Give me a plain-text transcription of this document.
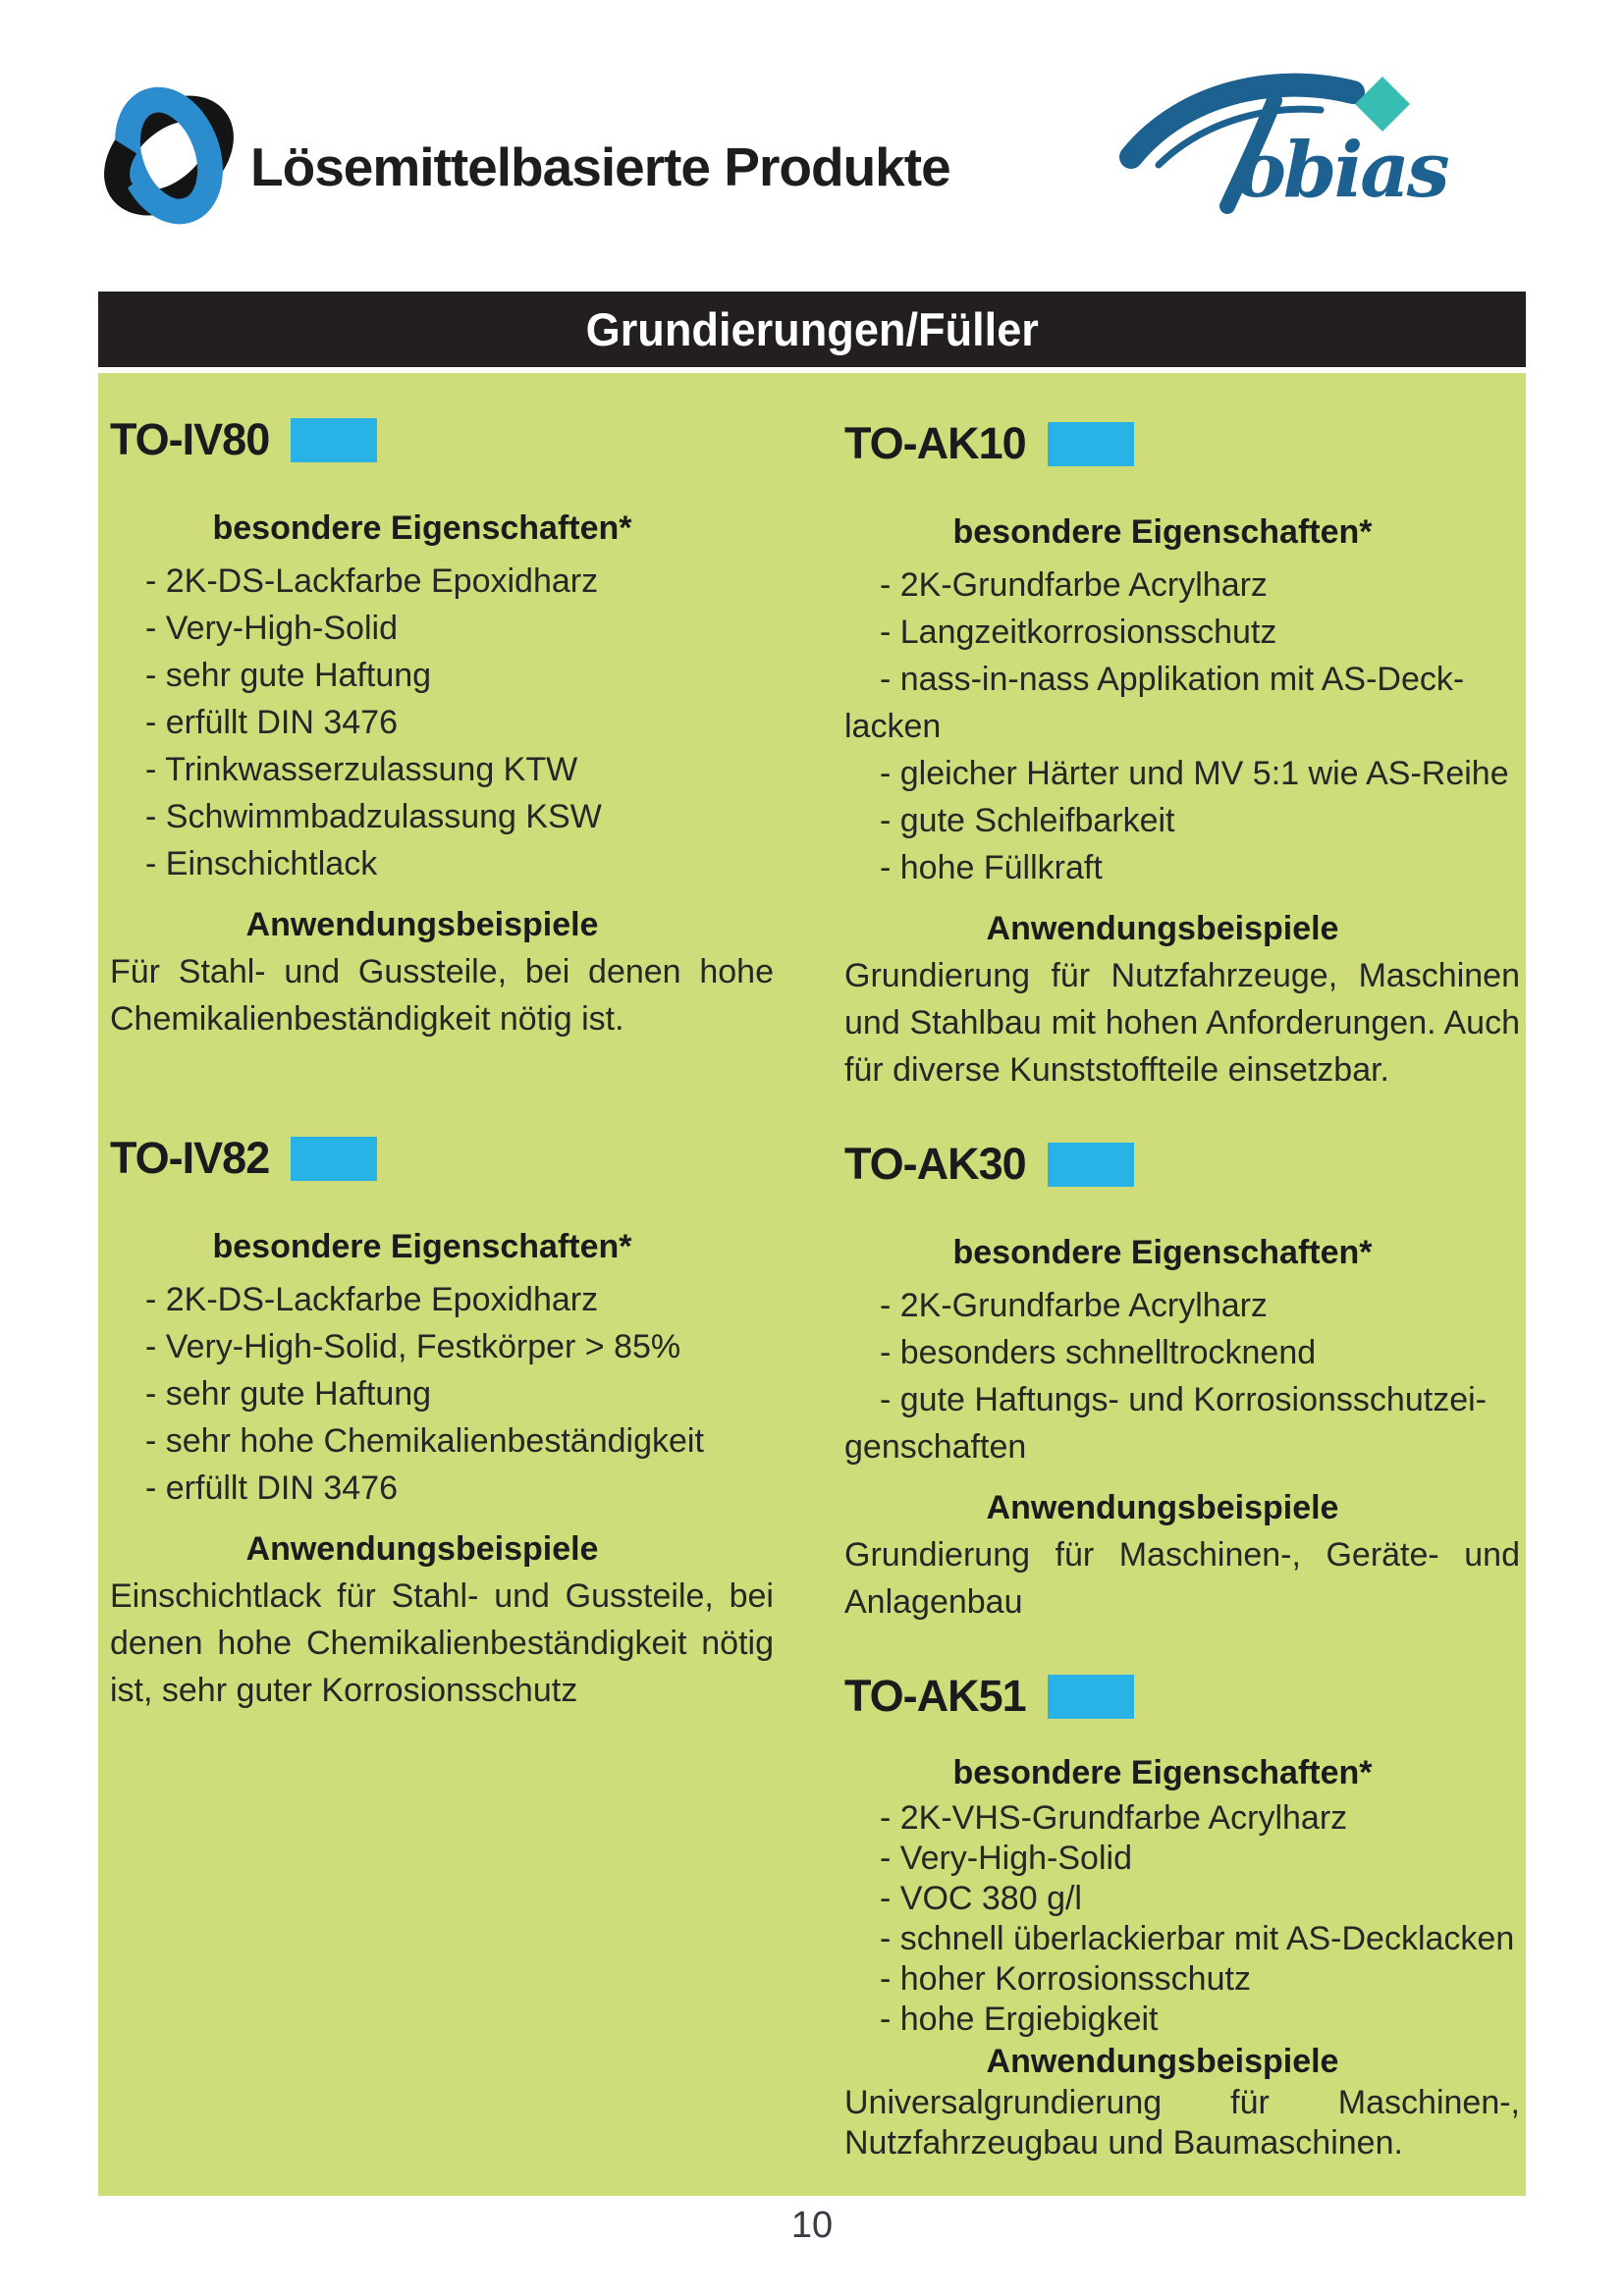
Lösemittelbasierte Produkte	obias
Grundierungen/Füller
TO-IV80
besondere Eigenschaften*
- 2K-DS-Lackfarbe Epoxidharz
- Very-High-Solid
- sehr gute Haftung
- erfüllt DIN 3476
- Trinkwasserzulassung KTW
- Schwimmbadzulassung KSW
- Einschichtlack
Anwendungsbeispiele
Für Stahl- und Gussteile, bei denen hohe Chemikalienbeständigkeit nötig ist.
TO-IV82
besondere Eigenschaften*
- 2K-DS-Lackfarbe Epoxidharz
- Very-High-Solid, Festkörper > 85%
- sehr gute Haftung
- sehr hohe Chemikalienbeständigkeit
- erfüllt DIN 3476
Anwendungsbeispiele
Einschichtlack für Stahl- und Gussteile, bei denen hohe Chemikalienbeständigkeit nötig ist, sehr guter Korrosionsschutz
TO-AK10
besondere Eigenschaften*
- 2K-Grundfarbe Acrylharz
- Langzeitkorrosionsschutz
- nass-in-nass Applikation mit AS-Decklacken
- gleicher Härter und MV 5:1 wie AS-Reihe
- gute Schleifbarkeit
- hohe Füllkraft
Anwendungsbeispiele
Grundierung für Nutzfahrzeuge, Maschinen und Stahlbau mit hohen Anforderungen. Auch für diverse Kunststoffteile einsetzbar.
TO-AK30
besondere Eigenschaften*
- 2K-Grundfarbe Acrylharz
- besonders schnelltrocknend
- gute Haftungs- und Korrosionsschutzeigenschaften
Anwendungsbeispiele
Grundierung für Maschinen-, Geräte- und Anlagenbau
TO-AK51
besondere Eigenschaften*
- 2K-VHS-Grundfarbe Acrylharz
- Very-High-Solid
- VOC 380 g/l
- schnell überlackierbar mit AS-Decklacken
- hoher Korrosionsschutz
- hohe Ergiebigkeit
Anwendungsbeispiele
Universalgrundierung für Maschinen-, Nutzfahrzeugbau und Baumaschinen.
10
